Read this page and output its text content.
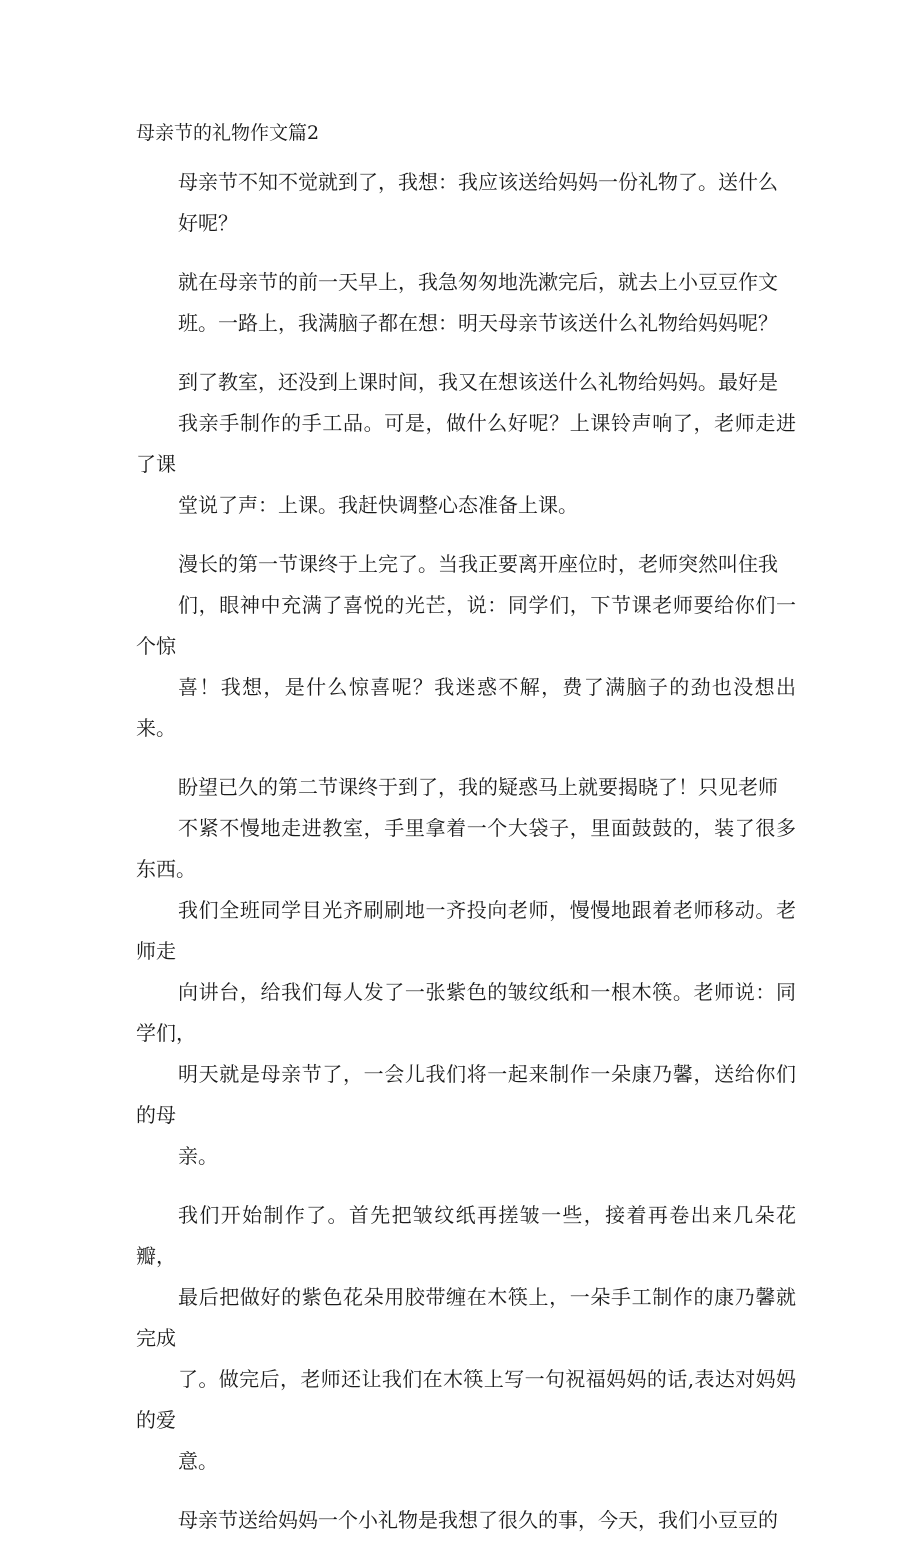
母亲节的礼物作文篇2

母亲节不知不觉就到了，我想：我应该送给妈妈一份礼物了。送什么
好呢？

就在母亲节的前一天早上，我急匆匆地洗漱完后，就去上小豆豆作文
班。一路上，我满脑子都在想：明天母亲节该送什么礼物给妈妈呢？

到了教室，还没到上课时间，我又在想该送什么礼物给妈妈。最好是
我亲手制作的手工品。可是，做什么好呢？上课铃声响了，老师走进了课
堂说了声：上课。我赶快调整心态准备上课。

漫长的第一节课终于上完了。当我正要离开座位时，老师突然叫住我
们，眼神中充满了喜悦的光芒，说：同学们，下节课老师要给你们一个惊
喜！我想，是什么惊喜呢？我迷惑不解，费了满脑子的劲也没想出来。

盼望已久的第二节课终于到了，我的疑惑马上就要揭晓了！只见老师
不紧不慢地走进教室，手里拿着一个大袋子，里面鼓鼓的，装了很多东西。
我们全班同学目光齐刷刷地一齐投向老师，慢慢地跟着老师移动。老师走
向讲台，给我们每人发了一张紫色的皱纹纸和一根木筷。老师说：同学们，
明天就是母亲节了，一会儿我们将一起来制作一朵康乃馨，送给你们的母
亲。

我们开始制作了。首先把皱纹纸再搓皱一些，接着再卷出来几朵花瓣，
最后把做好的紫色花朵用胶带缠在木筷上，一朵手工制作的康乃馨就完成
了。做完后，老师还让我们在木筷上写一句祝福妈妈的话,表达对妈妈的爱
意。

母亲节送给妈妈一个小礼物是我想了很久的事，今天，我们小豆豆的
